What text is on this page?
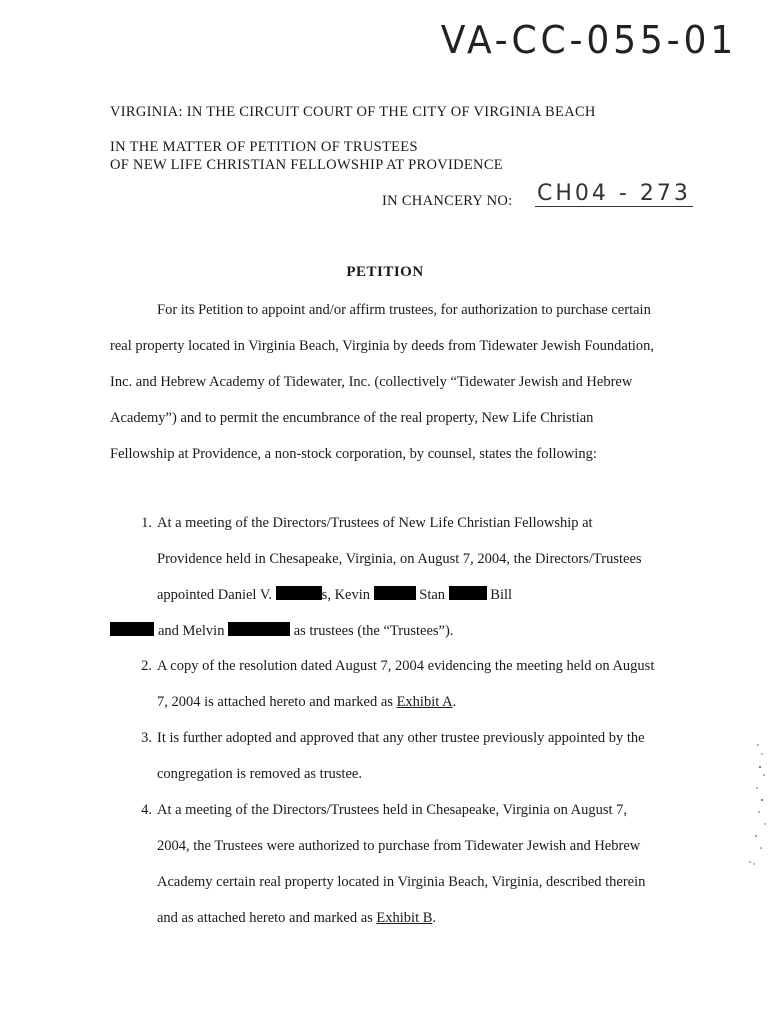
VA-CC-055-01
VIRGINIA: IN THE CIRCUIT COURT OF THE CITY OF VIRGINIA BEACH
IN THE MATTER OF PETITION OF TRUSTEES
OF NEW LIFE CHRISTIAN FELLOWSHIP AT PROVIDENCE
IN CHANCERY NO: CH04 - 273
PETITION
For its Petition to appoint and/or affirm trustees, for authorization to purchase certain real property located in Virginia Beach, Virginia by deeds from Tidewater Jewish Foundation, Inc. and Hebrew Academy of Tidewater, Inc. (collectively “Tidewater Jewish and Hebrew Academy”) and to permit the encumbrance of the real property, New Life Christian Fellowship at Providence, a non-stock corporation, by counsel, states the following:
1. At a meeting of the Directors/Trustees of New Life Christian Fellowship at Providence held in Chesapeake, Virginia, on August 7, 2004, the Directors/Trustees appointed Daniel V.	s, Kevin	Stan	Bill
and Melvin	as trustees (the “Trustees”).
2. A copy of the resolution dated August 7, 2004 evidencing the meeting held on August 7, 2004 is attached hereto and marked as Exhibit A.
3. It is further adopted and approved that any other trustee previously appointed by the congregation is removed as trustee.
4. At a meeting of the Directors/Trustees held in Chesapeake, Virginia on August 7, 2004, the Trustees were authorized to purchase from Tidewater Jewish and Hebrew Academy certain real property located in Virginia Beach, Virginia, described therein and as attached hereto and marked as Exhibit B.
